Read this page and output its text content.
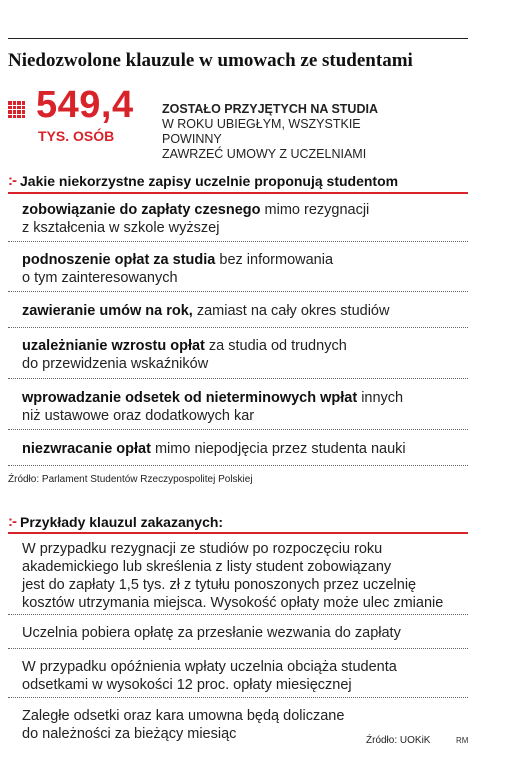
Niedozwolone klauzule w umowach ze studentami
549,4
TYS. OSÓB
ZOSTAŁO PRZYJĘTYCH NA STUDIA
W ROKU UBIEGŁYM, WSZYSTKIE POWINNY
ZAWRZEĆ UMOWY Z UCZELNIAMI
:- Jakie niekorzystne zapisy uczelnie proponują studentom
zobowiązanie do zapłaty czesnego mimo rezygnacji
z kształcenia w szkole wyższej
podnoszenie opłat za studia bez informowania
o tym zainteresowanych
zawieranie umów na rok, zamiast na cały okres studiów
uzależnianie wzrostu opłat za studia od trudnych
do przewidzenia wskaźników
wprowadzanie odsetek od nieterminowych wpłat innych
niż ustawowe oraz dodatkowych kar
niezwracanie opłat mimo niepodjęcia przez studenta nauki
Źródło: Parlament Studentów Rzeczypospolitej Polskiej
:- Przykłady klauzul zakazanych:
W przypadku rezygnacji ze studiów po rozpoczęciu roku
akademickiego lub skreślenia z listy student zobowiązany
jest do zapłaty 1,5 tys. zł z tytułu ponoszonych przez uczelnię
kosztów utrzymania miejsca. Wysokość opłaty może ulec zmianie
Uczelnia pobiera opłatę za przesłanie wezwania do zapłaty
W przypadku opóźnienia wpłaty uczelnia obciąża studenta
odsetkami w wysokości 12 proc. opłaty miesięcznej
Zaległe odsetki oraz kara umowna będą doliczane
do należności za bieżący miesiąc	Źródło: UOKiK	RM
